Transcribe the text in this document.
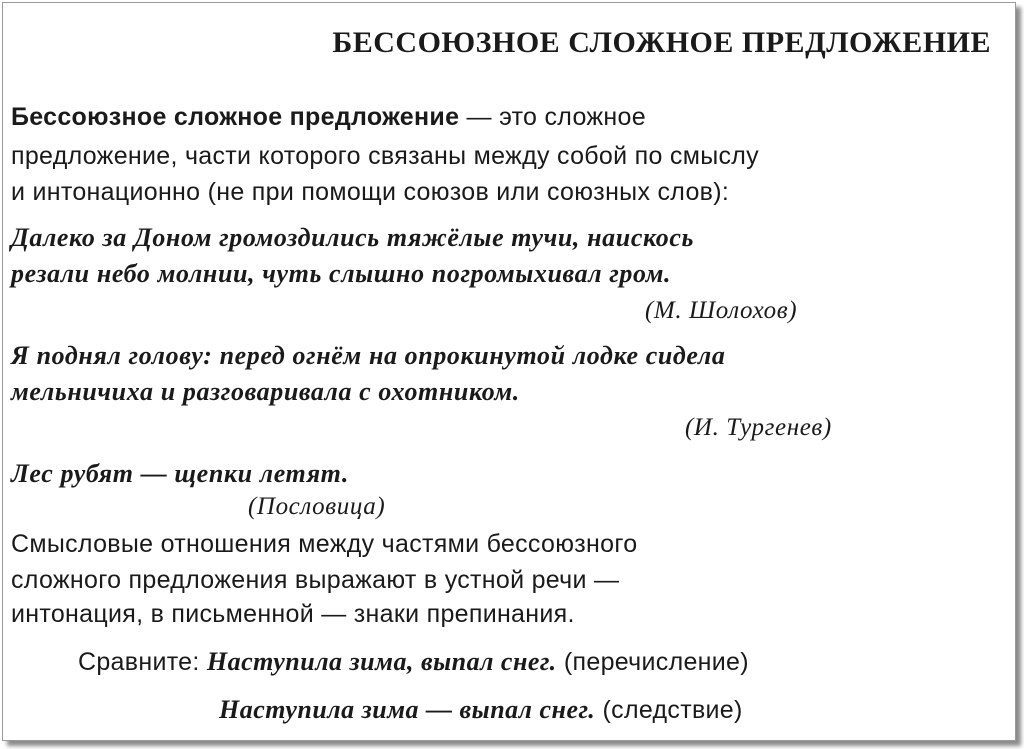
БЕССОЮЗНОЕ СЛОЖНОЕ ПРЕДЛОЖЕНИЕ
Бессоюзное сложное предложение — это сложное
предложение, части которого связаны между собой по смыслу
и интонационно (не при помощи союзов или союзных слов):
Далеко за Доном громоздились тяжёлые тучи, наискось
резали небо молнии, чуть слышно погромыхивал гром.
(М. Шолохов)
Я поднял голову: перед огнём на опрокинутой лодке сидела
мельничиха и разговаривала с охотником.
(И. Тургенев)
Лес рубят — щепки летят.
(Пословица)
Смысловые отношения между частями бессоюзного
сложного предложения выражают в устной речи —
интонация, в письменной — знаки препинания.
Сравните: Наступила зима, выпал снег. (перечисление)
Наступила зима — выпал снег. (следствие)
